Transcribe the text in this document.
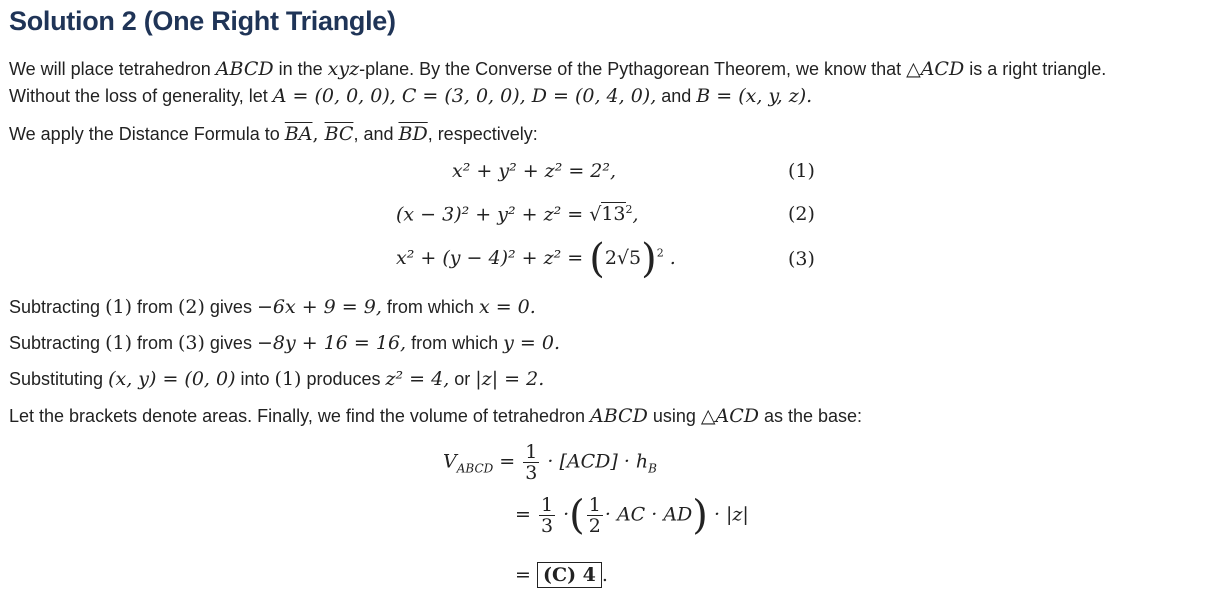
Solution 2 (One Right Triangle)
We will place tetrahedron ABCD in the xyz-plane. By the Converse of the Pythagorean Theorem, we know that △ACD is a right triangle.
Without the loss of generality, let A = (0, 0, 0), C = (3, 0, 0), D = (0, 4, 0), and B = (x, y, z).
We apply the Distance Formula to $\overline{BA}$, $\overline{BC}$, and $\overline{BD}$, respectively:
x² + y² + z² = 2²,	(1)
$(x - 3)^2 + y^2 + z^2 = √13^2$,	(2)
$x^2 + (y - 4)^2 + z^2 = (2√5)^2$ .	(3)
Subtracting (1) from (2) gives −6x + 9 = 9, from which x = 0.
Subtracting (1) from (3) gives −8y + 16 = 16, from which y = 0.
Substituting (x, y) = (0, 0) into (1) produces z² = 4, or |z| = 2.
Let the brackets denote areas. Finally, we find the volume of tetrahedron ABCD using △ACD as the base:
$V_{ABCD} = \frac{1}{3} \cdot [ACD] \cdot h_B$
= $\frac{1}{3}$ ·( $\frac{1}{2}$ · AC · AD) · |z|
= (C) 4 .
